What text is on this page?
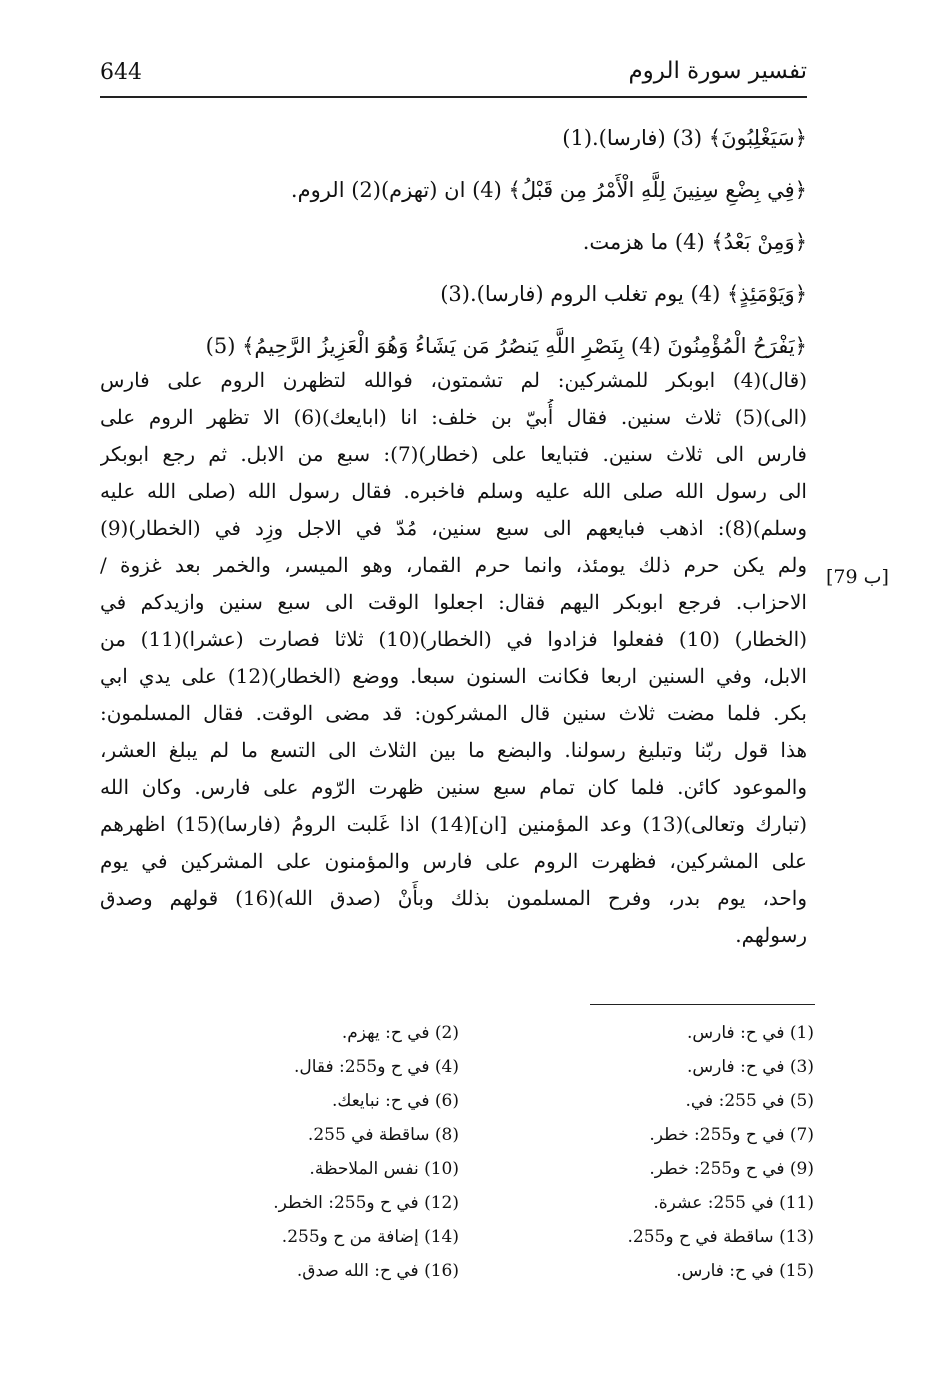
644	تفسير سورة الروم
﴿سَيَغْلِبُونَ﴾ (3) (فارسا).(1)
﴿فِي بِضْعِ سِنِينَ لِلَّهِ الْأَمْرُ مِن قَبْلُ﴾ (4) ان (تهزم)(2) الروم.
﴿وَمِنْ بَعْدُ﴾ (4) ما هزمت.
﴿وَيَوْمَئِذٍ﴾ (4) يوم تغلب الروم (فارسا).(3)
﴿يَفْرَحُ الْمُؤْمِنُونَ (4) بِنَصْرِ اللَّهِ يَنصُرُ مَن يَشَاءُ وَهُوَ الْعَزِيزُ الرَّحِيمُ﴾ (5)
(قال)(4) ابوبكر للمشركين: لم تشمتون، فوالله لتظهرن الروم على فارس
(الى)(5) ثلاث سنين. فقال أُبيّ بن خلف: انا (ابايعك)(6) الا تظهر الروم على
فارس الى ثلاث سنين. فتبايعا على (خطار)(7): سبع من الابل. ثم رجع ابوبكر
الى رسول الله صلى الله عليه وسلم فاخبره. فقال رسول الله (صلى الله عليه
وسلم)(8): اذهب فبايعهم الى سبع سنين، مُدّ في الاجل وزِد في (الخطار)(9)
ولم يكن حرم ذلك يومئذ، وانما حرم القمار، وهو الميسر، والخمر بعد غزوة /
الاحزاب. فرجع ابوبكر اليهم فقال: اجعلوا الوقت الى سبع سنين وازيدكم في
(الخطار) (10) ففعلوا فزادوا في (الخطار)(10) ثلاثا فصارت (عشرا)(11) من
الابل، وفي السنين اربعا فكانت السنون سبعا. ووضع (الخطار)(12) على يدي ابي
بكر. فلما مضت ثلاث سنين قال المشركون: قد مضى الوقت. فقال المسلمون:
هذا قول ربّنا وتبليغ رسولنا. والبضع ما بين الثلاث الى التسع ما لم يبلغ العشر،
والموعود كائن. فلما كان تمام سبع سنين ظهرت الرّوم على فارس. وكان الله
(تبارك وتعالى)(13) وعد المؤمنين [ان](14) اذا غَلبت الرومُ (فارسا)(15) اظهرهم
على المشركين، فظهرت الروم على فارس والمؤمنون على المشركين في يوم
واحد، يوم بدر، وفرح المسلمون بذلك وبأَنْ (صدق الله)(16) قولهم وصدق
رسولهم.
[79 ب]
(1) في ح: فارس.
(3) في ح: فارس.
(5) في 255: في.
(7) في ح و255: خطر.
(9) في ح و255: خطر.
(11) في 255: عشرة.
(13) ساقطة في ح و255.
(15) في ح: فارس.
(2) في ح: يهزم.
(4) في ح و255: فقال.
(6) في ح: نبايعك.
(8) ساقطة في 255.
(10) نفس الملاحظة.
(12) في ح و255: الخطر.
(14) إضافة من ح و255.
(16) في ح: الله صدق.
